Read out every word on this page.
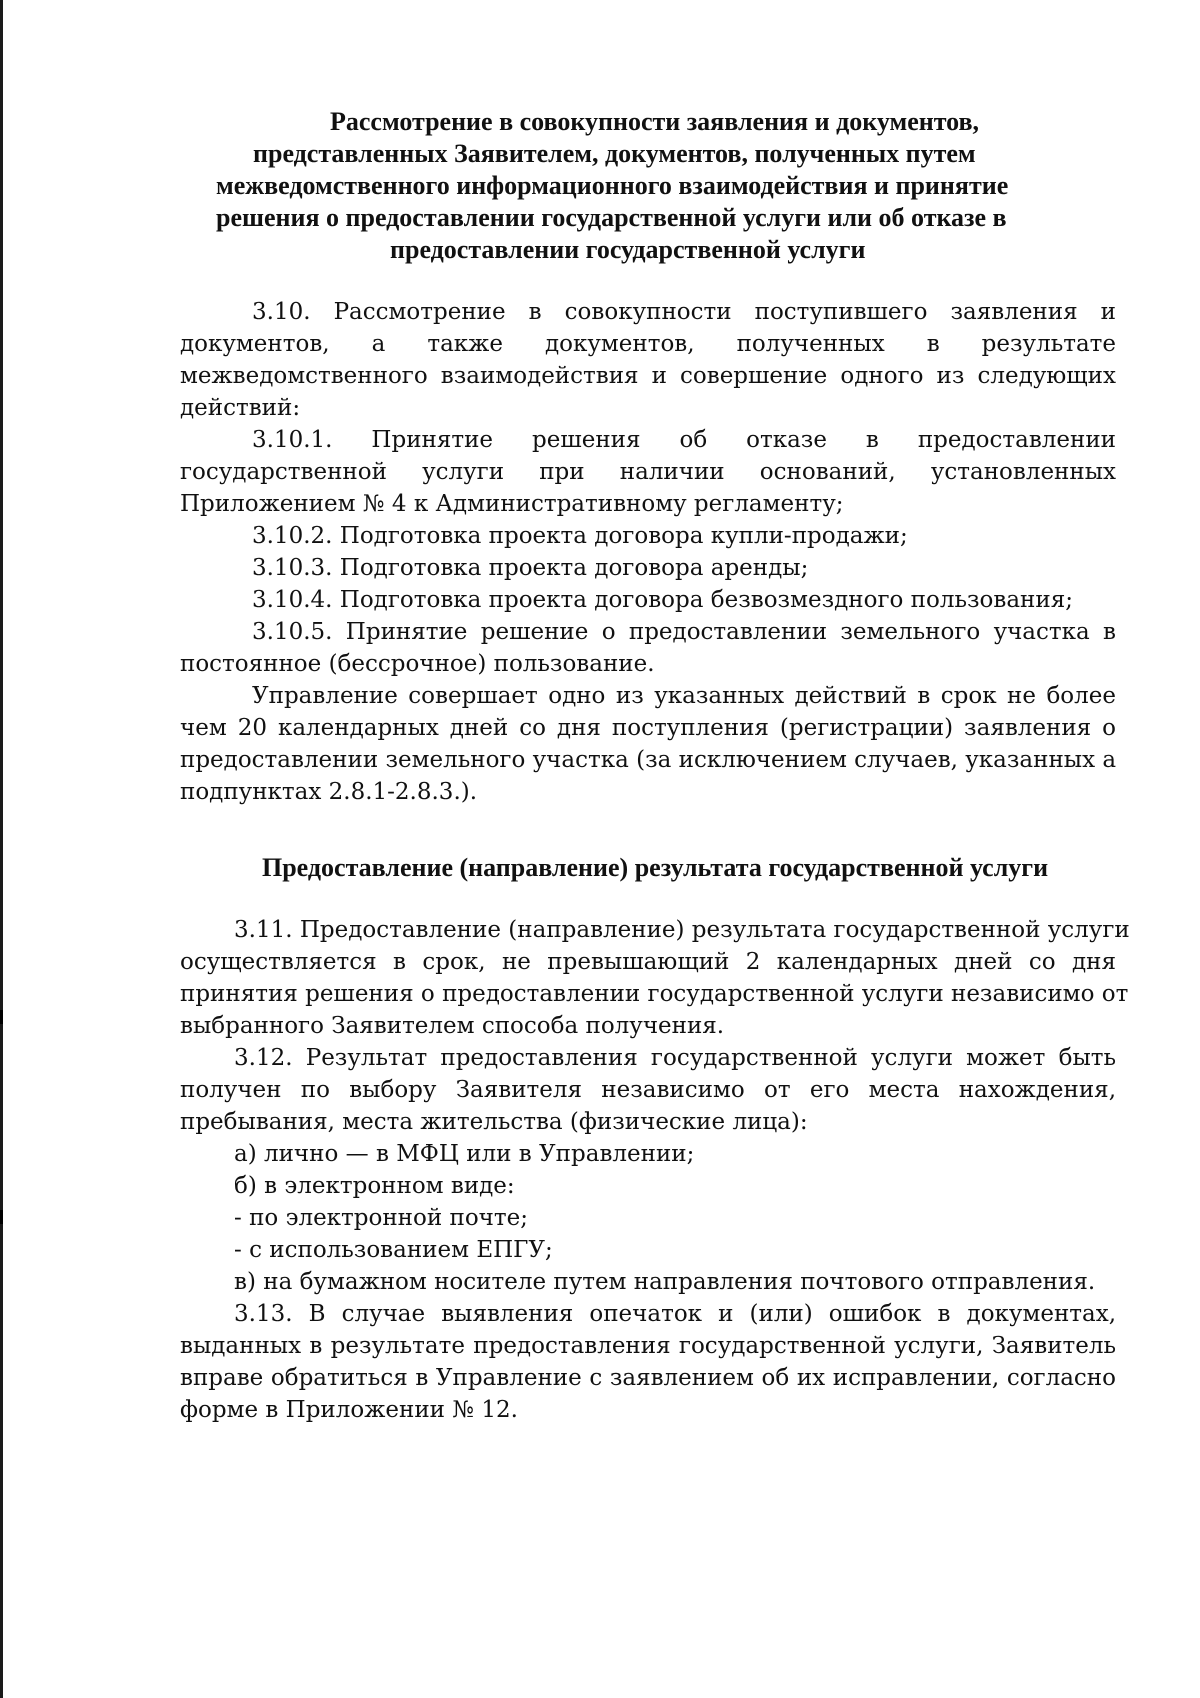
Рассмотрение в совокупности заявления и документов,
представленных Заявителем, документов, полученных путем
межведомственного информационного взаимодействия и принятие
решения о предоставлении государственной услуги или об отказе в
предоставлении государственной услуги
3.10. Рассмотрение в совокупности поступившего заявления и
документов, а также документов, полученных в результате
межведомственного взаимодействия и совершение одного из следующих
действий:
3.10.1. Принятие решения об отказе в предоставлении
государственной услуги при наличии оснований, установленных
Приложением № 4 к Административному регламенту;
3.10.2. Подготовка проекта договора купли-продажи;
3.10.3. Подготовка проекта договора аренды;
3.10.4. Подготовка проекта договора безвозмездного пользования;
3.10.5. Принятие решение о предоставлении земельного участка в
постоянное (бессрочное) пользование.
Управление совершает одно из указанных действий в срок не более
чем 20 календарных дней со дня поступления (регистрации) заявления о
предоставлении земельного участка (за исключением случаев, указанных а
подпунктах 2.8.1-2.8.3.).
Предоставление (направление) результата государственной услуги
3.11. Предоставление (направление) результата государственной услуги
осуществляется в срок, не превышающий 2 календарных дней со дня
принятия решения о предоставлении государственной услуги независимо от
выбранного Заявителем способа получения.
3.12. Результат предоставления государственной услуги может быть
получен по выбору Заявителя независимо от его места нахождения,
пребывания, места жительства (физические лица):
а) лично — в МФЦ или в Управлении;
б) в электронном виде:
- по электронной почте;
- с использованием ЕПГУ;
в) на бумажном носителе путем направления почтового отправления.
3.13. В случае выявления опечаток и (или) ошибок в документах,
выданных в результате предоставления государственной услуги, Заявитель
вправе обратиться в Управление с заявлением об их исправлении, согласно
форме в Приложении № 12.
